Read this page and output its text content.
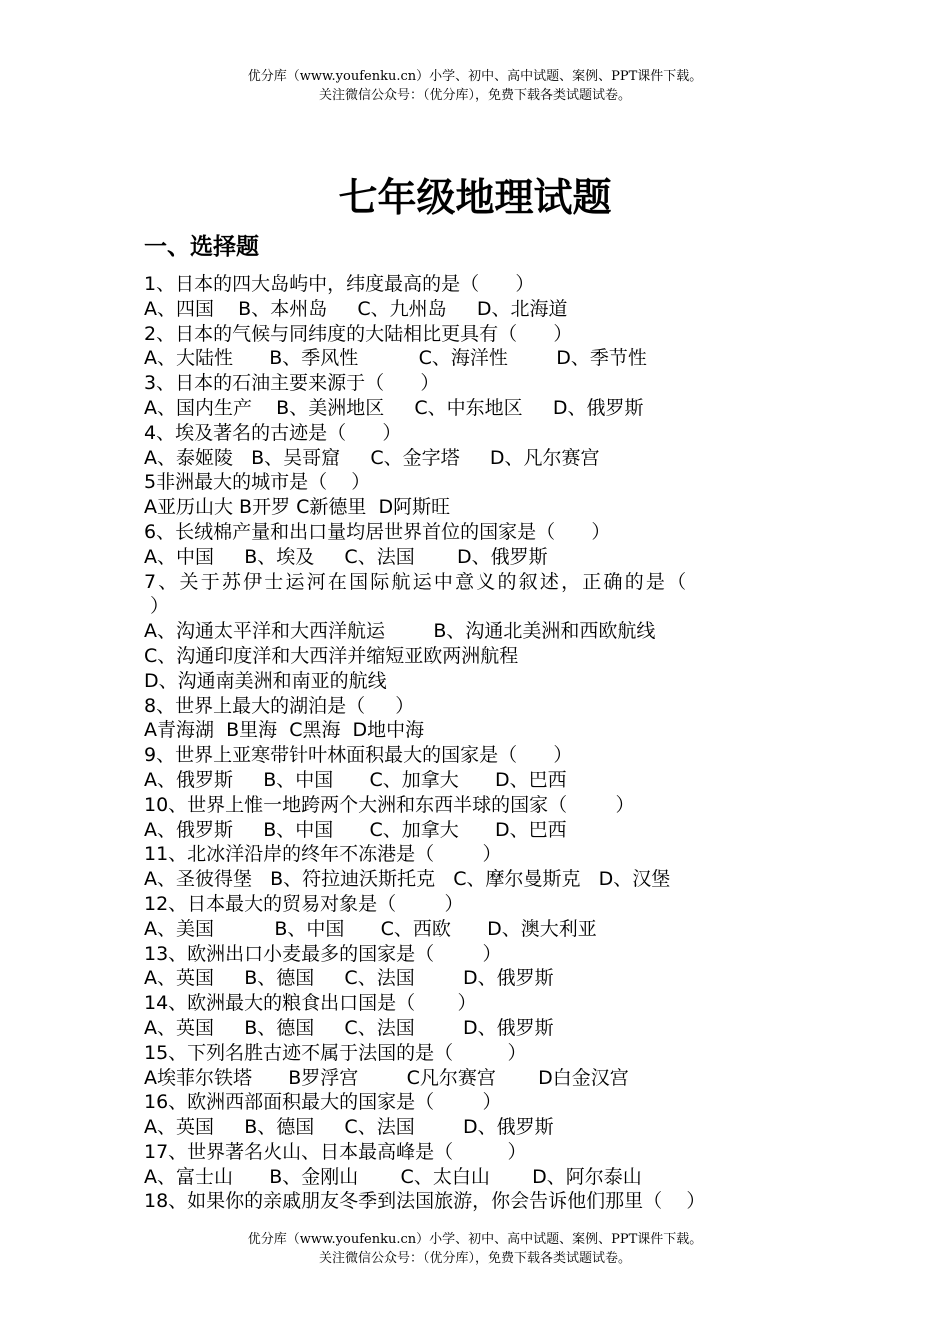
优分库（www.youfenku.cn）小学、初中、高中试题、案例、PPT课件下载。
关注微信公众号：（优分库），免费下载各类试题试卷。
七年级地理试题
一、选择题
1、日本的四大岛屿中，纬度最高的是（      ）
A、四国    B、本州岛     C、九州岛     D、北海道
2、日本的气候与同纬度的大陆相比更具有（      ）
A、大陆性      B、季风性          C、海洋性        D、季节性
3、日本的石油主要来源于（      ）
A、国内生产    B、美洲地区     C、中东地区     D、俄罗斯
4、埃及著名的古迹是（      ）
A、泰姬陵   B、吴哥窟     C、金字塔     D、凡尔赛宫
5非洲最大的城市是（    ）
A亚历山大 B开罗 C新德里  D阿斯旺
6、长绒棉产量和出口量均居世界首位的国家是（      ）
A、中国     B、埃及     C、法国       D、俄罗斯
7、关于苏伊士运河在国际航运中意义的叙述，正确的是（
）
A、沟通太平洋和大西洋航运        B、沟通北美洲和西欧航线
C、沟通印度洋和大西洋并缩短亚欧两洲航程
D、沟通南美洲和南亚的航线
8、世界上最大的湖泊是（     ）
A青海湖  B里海  C黑海  D地中海
9、世界上亚寒带针叶林面积最大的国家是（      ）
A、俄罗斯     B、中国      C、加拿大      D、巴西
10、世界上惟一地跨两个大洲和东西半球的国家（        ）
A、俄罗斯     B、中国      C、加拿大      D、巴西
11、北冰洋沿岸的终年不冻港是（        ）
A、圣彼得堡   B、符拉迪沃斯托克   C、摩尔曼斯克   D、汉堡
12、日本最大的贸易对象是（        ）
A、美国          B、中国      C、西欧      D、澳大利亚
13、欧洲出口小麦最多的国家是（        ）
A、英国     B、德国     C、法国        D、俄罗斯
14、欧洲最大的粮食出口国是（       ）
A、英国     B、德国     C、法国        D、俄罗斯
15、下列名胜古迹不属于法国的是（         ）
A埃菲尔铁塔      B罗浮宫        C凡尔赛宫       D白金汉宫
16、欧洲西部面积最大的国家是（        ）
A、英国     B、德国     C、法国        D、俄罗斯
17、世界著名火山、日本最高峰是（         ）
A、富士山      B、金刚山       C、太白山       D、阿尔泰山
18、如果你的亲戚朋友冬季到法国旅游，你会告诉他们那里（    ）
优分库（www.youfenku.cn）小学、初中、高中试题、案例、PPT课件下载。
关注微信公众号：（优分库），免费下载各类试题试卷。
